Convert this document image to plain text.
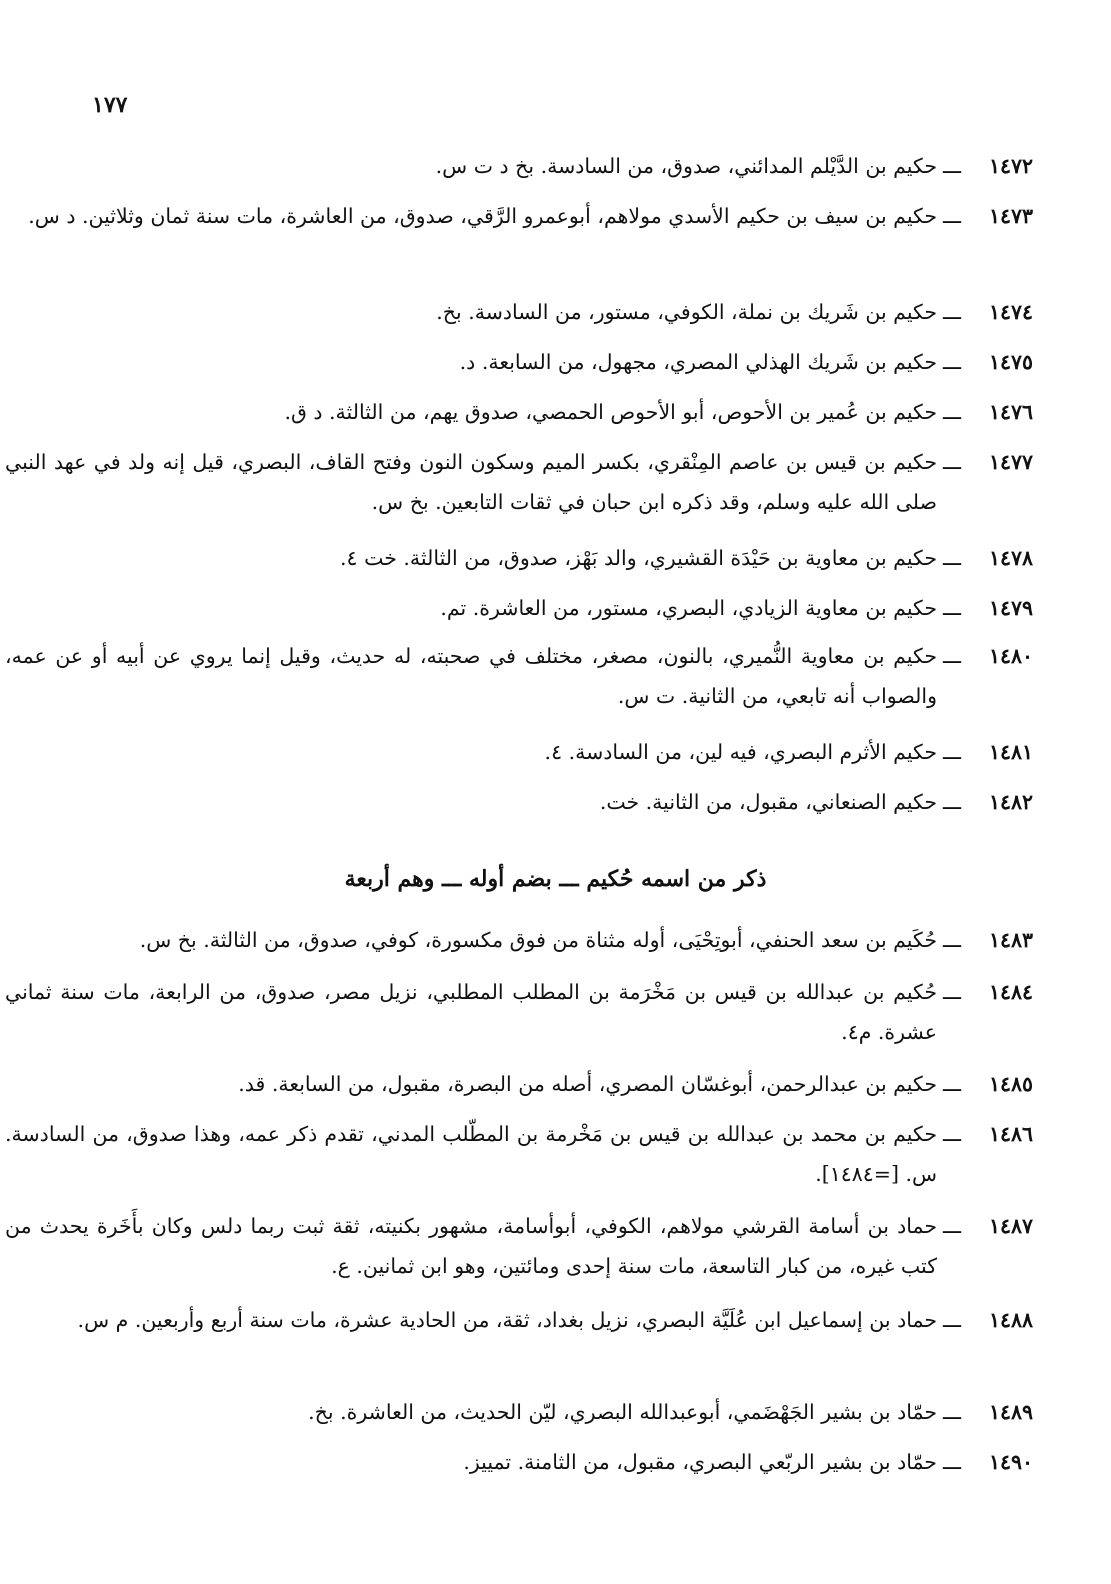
١٧٧
١٤٧٢
ـــ
حكيم بن الدَّيْلم المدائني، صدوق، من السادسة. بخ د ت س.
١٤٧٣
ـــ
حكيم بن سيف بن حكيم الأسدي مولاهم، أبوعمرو الرَّقي، صدوق، من العاشرة، مات سنة ثمان وثلاثين. د س.
١٤٧٤
ـــ
حكيم بن شَريك بن نملة، الكوفي، مستور، من السادسة. بخ.
١٤٧٥
ـــ
حكيم بن شَريك الهذلي المصري، مجهول، من السابعة. د.
١٤٧٦
ـــ
حكيم بن عُمير بن الأحوص، أبو الأحوص الحمصي، صدوق يهم، من الثالثة. د ق.
١٤٧٧
ـــ
حكيم بن قيس بن عاصم المِنْقري، بكسر الميم وسكون النون وفتح القاف، البصري، قيل إنه ولد في عهد النبي صلى الله عليه وسلم، وقد ذكره ابن حبان في ثقات التابعين. بخ س.
١٤٧٨
ـــ
حكيم بن معاوية بن حَيْدَة القشيري، والد بَهْز، صدوق، من الثالثة. خت ٤.
١٤٧٩
ـــ
حكيم بن معاوية الزيادي، البصري، مستور، من العاشرة. تم.
١٤٨٠
ـــ
حكيم بن معاوية النُّميري، بالنون، مصغر، مختلف في صحبته، له حديث، وقيل إنما يروي عن أبيه أو عن عمه، والصواب أنه تابعي، من الثانية. ت س.
١٤٨١
ـــ
حكيم الأثرم البصري، فيه لين، من السادسة. ٤.
١٤٨٢
ـــ
حكيم الصنعاني، مقبول، من الثانية. خت.
١٤٨٣
ـــ
حُكَيم بن سعد الحنفي، أبوتِحْيَى، أوله مثناة من فوق مكسورة، كوفي، صدوق، من الثالثة. بخ س.
١٤٨٤
ـــ
حُكيم بن عبدالله بن قيس بن مَخْرَمة بن المطلب المطلبي، نزيل مصر، صدوق، من الرابعة، مات سنة ثماني عشرة. م٤.
١٤٨٥
ـــ
حكيم بن عبدالرحمن، أبوغسّان المصري، أصله من البصرة، مقبول، من السابعة. قد.
١٤٨٦
ـــ
حكيم بن محمد بن عبدالله بن قيس بن مَخْرمة بن المطّلب المدني، تقدم ذكر عمه، وهذا صدوق، من السادسة. س. [=١٤٨٤].
١٤٨٧
ـــ
حماد بن أسامة القرشي مولاهم، الكوفي، أبوأسامة، مشهور بكنيته، ثقة ثبت ربما دلس وكان بأَخَرة يحدث من كتب غيره، من كبار التاسعة، مات سنة إحدى ومائتين، وهو ابن ثمانين. ع.
١٤٨٨
ـــ
حماد بن إسماعيل ابن عُلَيَّة البصري، نزيل بغداد، ثقة، من الحادية عشرة، مات سنة أربع وأربعين. م س.
١٤٨٩
ـــ
حمّاد بن بشير الجَهْضَمي، أبوعبدالله البصري، ليّن الحديث، من العاشرة. بخ.
١٤٩٠
ـــ
حمّاد بن بشير الربّعي البصري، مقبول، من الثامنة. تمييز.
ذكر من اسمه حُكيم ـــ بضم أوله ـــ وهم أربعة
